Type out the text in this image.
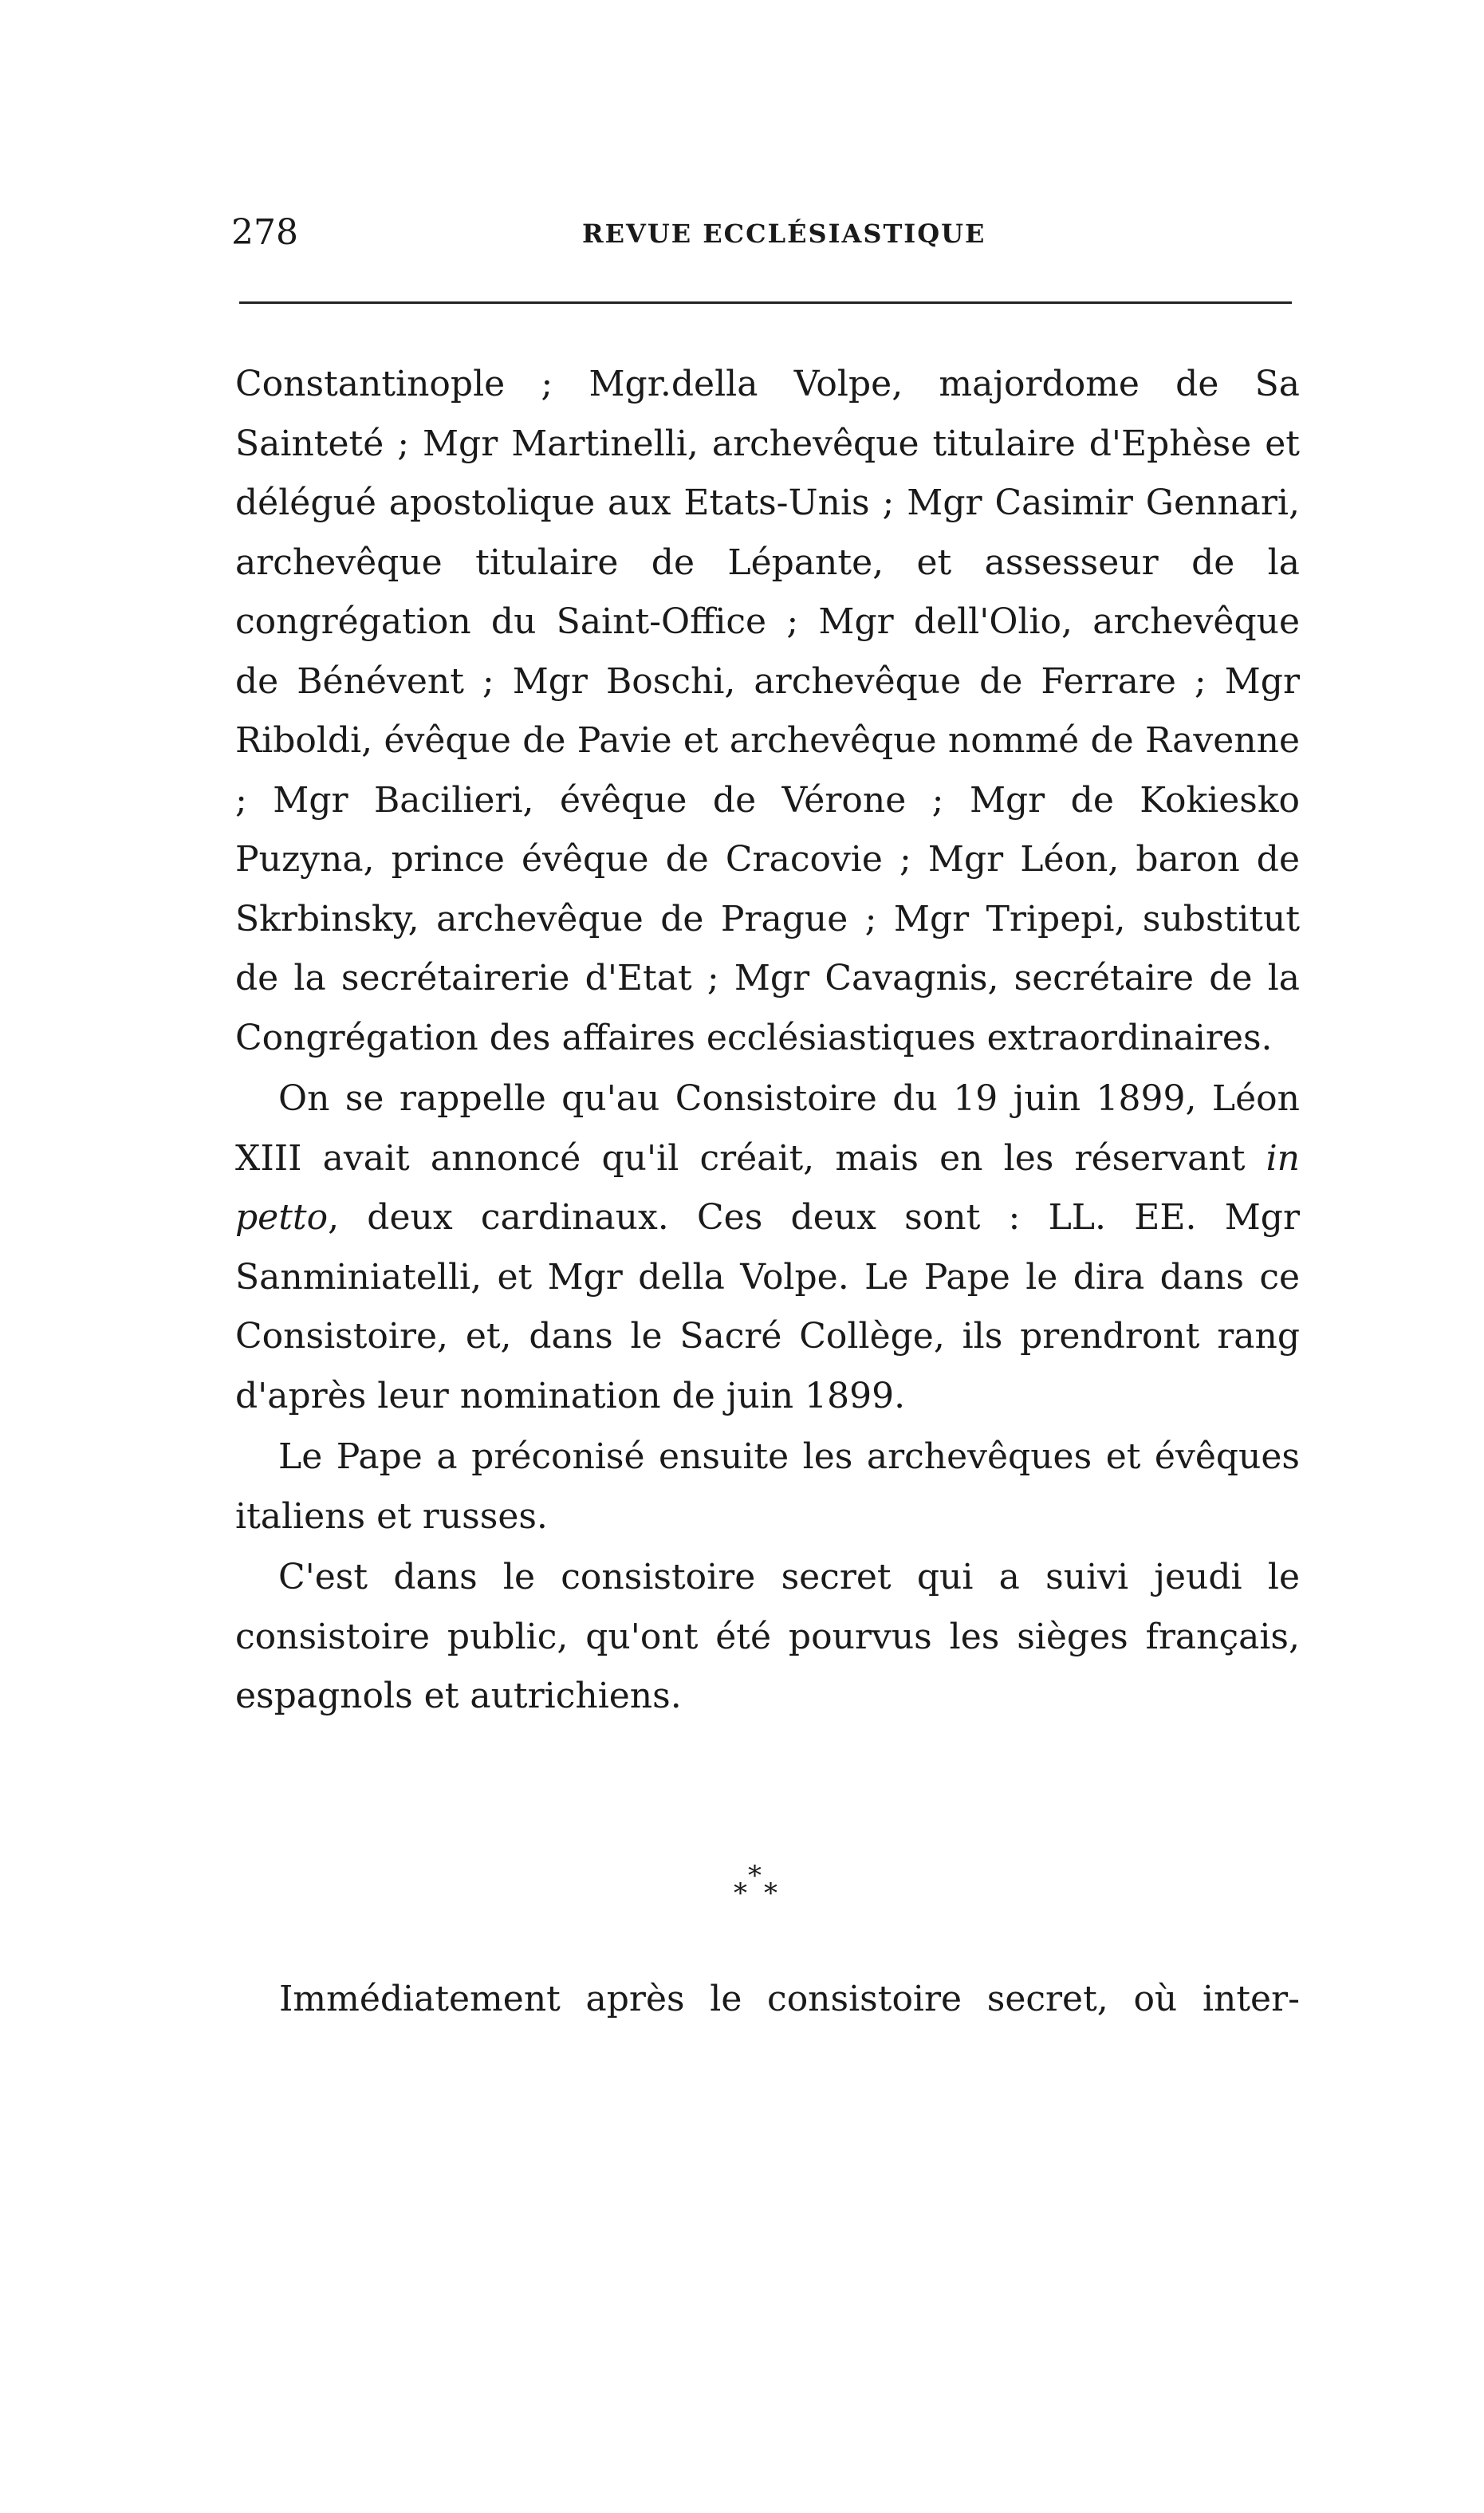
278	REVUE ECCLÉSIASTIQUE

Constantinople ; Mgr.della Volpe, majordome de Sa Sainteté ; Mgr Martinelli, archevêque titulaire d'Ephèse et délégué apostolique aux Etats-Unis ; Mgr Casimir Gennari, archevêque titulaire de Lépante, et assesseur de la congrégation du Saint-Office ; Mgr dell'Olio, archevêque de Bénévent ; Mgr Boschi, archevêque de Ferrare ; Mgr Riboldi, évêque de Pavie et archevêque nommé de Ravenne ; Mgr Bacilieri, évêque de Vérone ; Mgr de Kokiesko Puzyna, prince évêque de Cracovie ; Mgr Léon, baron de Skrbinsky, archevêque de Prague ; Mgr Tripepi, substitut de la secrétairerie d'Etat ; Mgr Cavagnis, secrétaire de la Congrégation des affaires ecclésiastiques extraordinaires.

On se rappelle qu'au Consistoire du 19 juin 1899, Léon XIII avait annoncé qu'il créait, mais en les réservant in petto, deux cardinaux. Ces deux sont : LL. EE. Mgr Sanminiatelli, et Mgr della Volpe. Le Pape le dira dans ce Consistoire, et, dans le Sacré Collège, ils prendront rang d'après leur nomination de juin 1899.

Le Pape a préconisé ensuite les archevêques et évêques italiens et russes.

C'est dans le consistoire secret qui a suivi jeudi le consistoire public, qu'ont été pourvus les sièges français, espagnols et autrichiens.

*
* *
Immédiatement après le consistoire secret, où inter-
